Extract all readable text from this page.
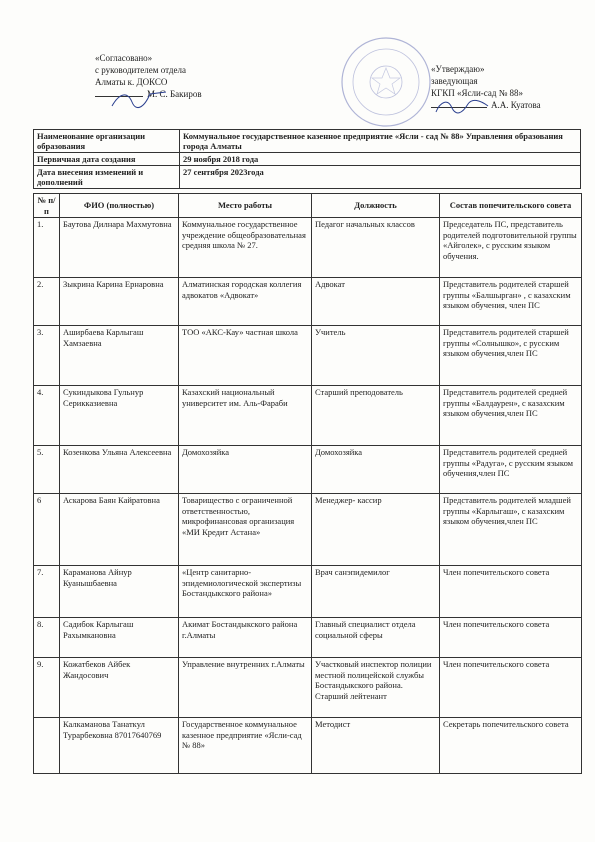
«Согласовано»
с руководителем отдела
Алматы к. ДОКСО
М. С. Бакиров
«Утверждаю»
заведующая
КГКП «Ясли-сад № 88»
А.А. Куатова
Наименование организации образования	Коммунальное государственное казенное предприятие «Ясли - сад № 88» Управления образования города Алматы
Первичная дата создания	29 ноября 2018 года
Дата внесения изменений и дополнений	27 сентября 2023года
№ п/п	ФИО (полностью)	Место работы	Должность	Состав попечительского совета
1.	Баутова Дилнара Махмутовна	Коммунальное государственное учреждение общеобразовательная средняя школа № 27.	Педагог начальных классов	Председатель ПС, представитель родителей подготовительной группы «Айголек», с русским языком обучения.
2.	Зыкрина Карина Ернаровна	Алматинская городская коллегия адвокатов «Адвокат»	Адвокат	Представитель родителей старшей группы «Балшырган» , с казахским языком обучения, член ПС
3.	Аширбаева Карлыгаш Хамзаевна	ТОО «АКС-Кау» частная школа	Учитель	Представитель родителей старшей группы «Солнышко», с русским языком обучения,член ПС
4.	Сукиндыкова Гульнур Серикказиевна	Казахский национальный университет им. Аль-Фараби	Старший преподователь	Представитель родителей средней группы «Балдаурен», с казахским языком обучения,член ПС
5.	Козенкова Ульяна Алексеевна	Домохозяйка	Домохозяйка	Представитель родителей средней группы «Радуга», с русским языком обучения,член ПС
6	Аскарова Баян Кайратовна	Товарищество с ограниченной ответственностью, микрофинансовая организация «МИ Кредит Астана»	Менеджер- кассир	Представитель родителей младшей группы «Карлыгаш», с казахским языком обучения,член ПС
7.	Караманова Айнур Куанышбаевна	«Центр санитарно-эпидемиологической экспертизы Бостандыкского района»	Врач санэпидемилог	Член попечительского совета
8.	Садибок Карлыгаш Рахымкановна	Акимат Бостандыкского района г.Алматы	Главный специалист отдела социальной сферы	Член попечительского совета
9.	Кожатбеков Айбек Жандосович	Управление внутренних г.Алматы	Участковый инспектор полиции местной полицейской службы Бостандыкского района. Старший лейтенант	Член попечительского совета
	Калкаманова Танаткул Турарбековна 87017640769	Государственное коммунальное казенное предприятие «Ясли-сад № 88»	Методист	Секретарь попечительского совета
